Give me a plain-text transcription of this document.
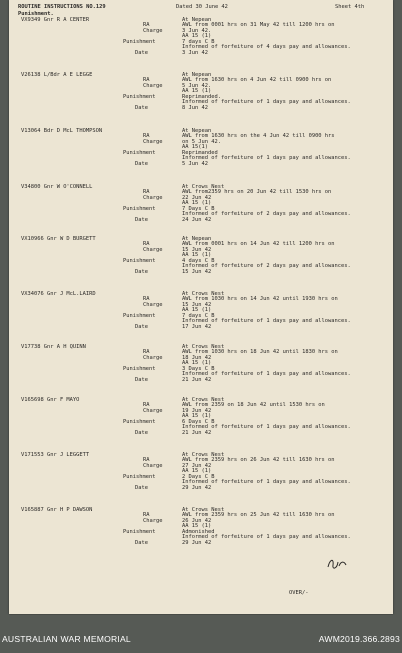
ROUTINE INSTRUCTIONS NO.129	Dated 30 June 42	Sheet 4th
Punishment.
VX9349 Gnr R A CENTER
RA
At Nepean
Charge
AWL from 0001 hrs on 31 May 42 till 1200 hrs on
3 Jun 42.
AA 15 (1)
Punishment	7 days C B
Date	3 Jun 42
Informed of forfeiture of 4 days pay and allowances.
V26138 L/Bdr A E LEGGE
RA
At Nepean
Charge
AWL from 1630 hrs on 4 Jun 42 till 0900 hrs on
5 Jun 42.
AA 15 (1)
Punishment	Reprimanded.
Date	8 Jun 42
Informed of forfeiture of 1 days pay and allowances.
V13064 Bdr D McL THOMPSON
RA
At Nepean
Charge
AWL from 1630 hrs on the 4 Jun 42 till 0900 hrs
on 5 Jun 42.
AA 15(1)
Punishment	Reprimanded
Date	5 Jun 42
Informed of forfeiture of 1 days pay and allowances.
V34800 Gnr W O'CONNELL
RA
At Crows Nest
Charge
AWL from2359 hrs on 20 Jun 42 till 1530 hrs on
22 Jun 42
AA 15 (1)
Punishment	7 Days C B
Date	24 Jun 42
Informed of forfeiture of 2 days pay and allowances.
VX10966 Gnr W D BURGETT
RA
At Nepean
Charge
AWL from 0001 hrs on 14 Jun 42 till 1200 hrs on
15 Jun 42
AA 15 (1)
Punishment	4 days C B
Date	15 Jun 42
Informed of forfeiture of 2 days pay and allowances.
VX34076 Gnr J McL.LAIRD
RA
At Crows Nest
Charge
AWL from 1030 hrs on 14 Jun 42 until 1930 hrs on
15 Jun 42
AA 15 (1)
Punishment	7 days C B
Date	17 Jun 42
Informed of forfeiture of 1 days pay and allowances.
V17738 Gnr A H QUINN
RA
At Crows Nest
Charge
AWL from 1030 hrs on 18 Jun 42 until 1830 hrs on
18 Jun 42
AA 15 (1)
Punishment	3 Days C B
Date	21 Jun 42
Informed of forfeiture of 1 days pay and allowances.
V165698 Gnr F MAYO
RA
At Crows Nest
Charge
AWL from 2359 on 18 Jun 42 until 1530 hrs on
19 Jun 42
AA 15 (1)
Punishment	6 Days C B
Date	21 Jun 42
Informed of forfeiture of 1 days pay and allowances.
V171553 Gnr J LEGGETT
RA
At Crows Nest
Charge
AWL from 2359 hrs on 26 Jun 42 till 1630 hrs on
27 Jun 42
AA 15 (1)
Punishment	2 Days C B
Date	29 Jun 42
Informed of forfeiture of 1 days pay and allowances.
V165887 Gnr H P DAWSON
RA
At Crows Nest
Charge
AWL from 2359 hrs on 25 Jun 42 till 1630 hrs on
26 Jun 42
AA 15 (1)
Punishment	Admonished
Date	29 Jun 42
Informed of forfeiture of 1 days pay and allowances.
OVER/-
AUSTRALIAN WAR MEMORIAL	AWM2019.366.2893
